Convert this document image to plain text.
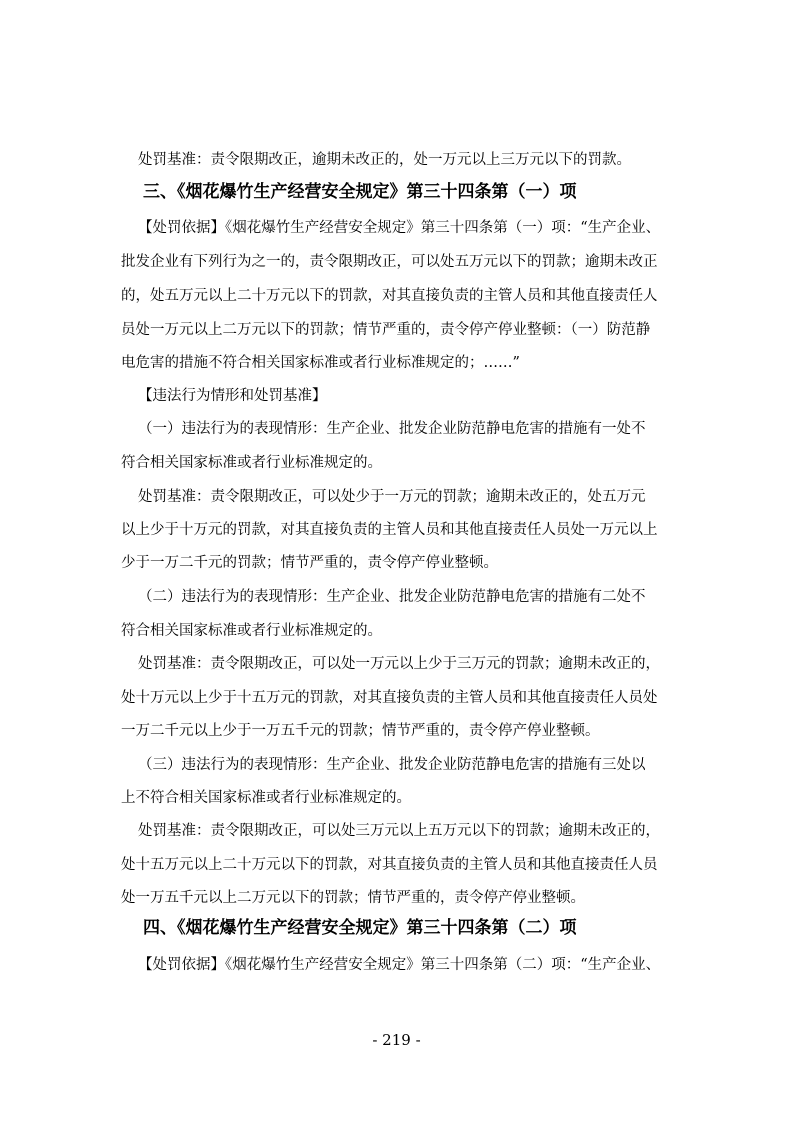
处罚基准：责令限期改正，逾期未改正的，处一万元以上三万元以下的罚款。
三、《烟花爆竹生产经营安全规定》第三十四条第（一）项
【处罚依据】《烟花爆竹生产经营安全规定》第三十四条第（一）项：“生产企业、
批发企业有下列行为之一的，责令限期改正，可以处五万元以下的罚款；逾期未改正
的，处五万元以上二十万元以下的罚款，对其直接负责的主管人员和其他直接责任人
员处一万元以上二万元以下的罚款；情节严重的，责令停产停业整顿：（一）防范静
电危害的措施不符合相关国家标准或者行业标准规定的；……”
【违法行为情形和处罚基准】
（一）违法行为的表现情形：生产企业、批发企业防范静电危害的措施有一处不
符合相关国家标准或者行业标准规定的。
处罚基准：责令限期改正，可以处少于一万元的罚款；逾期未改正的，处五万元
以上少于十万元的罚款，对其直接负责的主管人员和其他直接责任人员处一万元以上
少于一万二千元的罚款；情节严重的，责令停产停业整顿。
（二）违法行为的表现情形：生产企业、批发企业防范静电危害的措施有二处不
符合相关国家标准或者行业标准规定的。
处罚基准：责令限期改正，可以处一万元以上少于三万元的罚款；逾期未改正的，
处十万元以上少于十五万元的罚款，对其直接负责的主管人员和其他直接责任人员处
一万二千元以上少于一万五千元的罚款；情节严重的，责令停产停业整顿。
（三）违法行为的表现情形：生产企业、批发企业防范静电危害的措施有三处以
上不符合相关国家标准或者行业标准规定的。
处罚基准：责令限期改正，可以处三万元以上五万元以下的罚款；逾期未改正的，
处十五万元以上二十万元以下的罚款，对其直接负责的主管人员和其他直接责任人员
处一万五千元以上二万元以下的罚款；情节严重的，责令停产停业整顿。
四、《烟花爆竹生产经营安全规定》第三十四条第（二）项
【处罚依据】《烟花爆竹生产经营安全规定》第三十四条第（二）项：“生产企业、
- 219 -
